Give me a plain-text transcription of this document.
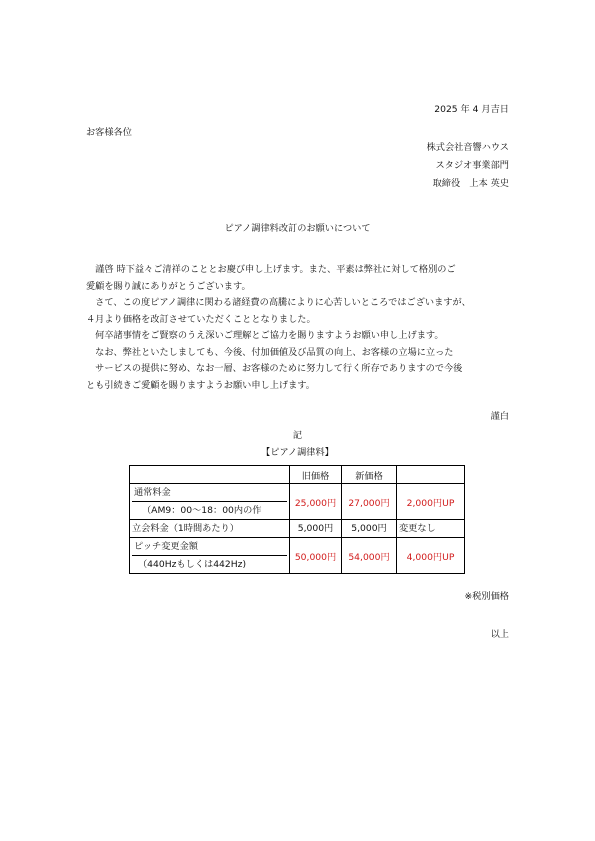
2025 年 4 月吉日
お客様各位
株式会社音響ハウス
スタジオ事業部門
取締役　上本 英史
ピアノ調律料改訂のお願いについて
　謹啓 時下益々ご清祥のこととお慶び申し上げます。また、平素は弊社に対して格別のご
愛顧を賜り誠にありがとうございます。
　さて、この度ピアノ調律に関わる諸経費の高騰によりに心苦しいところではございますが、
４月より価格を改訂させていただくこととなりました。
　何卒諸事情をご賢察のうえ深いご理解とご協力を賜りますようお願い申し上げます。
　なお、弊社といたしましても、今後、付加価値及び品質の向上、お客様の立場に立った
　サービスの提供に努め、なお一層、お客様のために努力して行く所存でありますので今後
とも引続きご愛顧を賜りますようお願い申し上げます。
謹白
記
【ピアノ調律料】
	旧価格	新価格	

通常料金
（AM9：00〜18：00内の作	25,000円	27,000円	2,000円UP
立会料金（1時間あたり）	5,000円	5,000円	変更なし

ピッチ変更金額
（440Hzもしくは442Hz)	50,000円	54,000円	4,000円UP
※税別価格
以上
